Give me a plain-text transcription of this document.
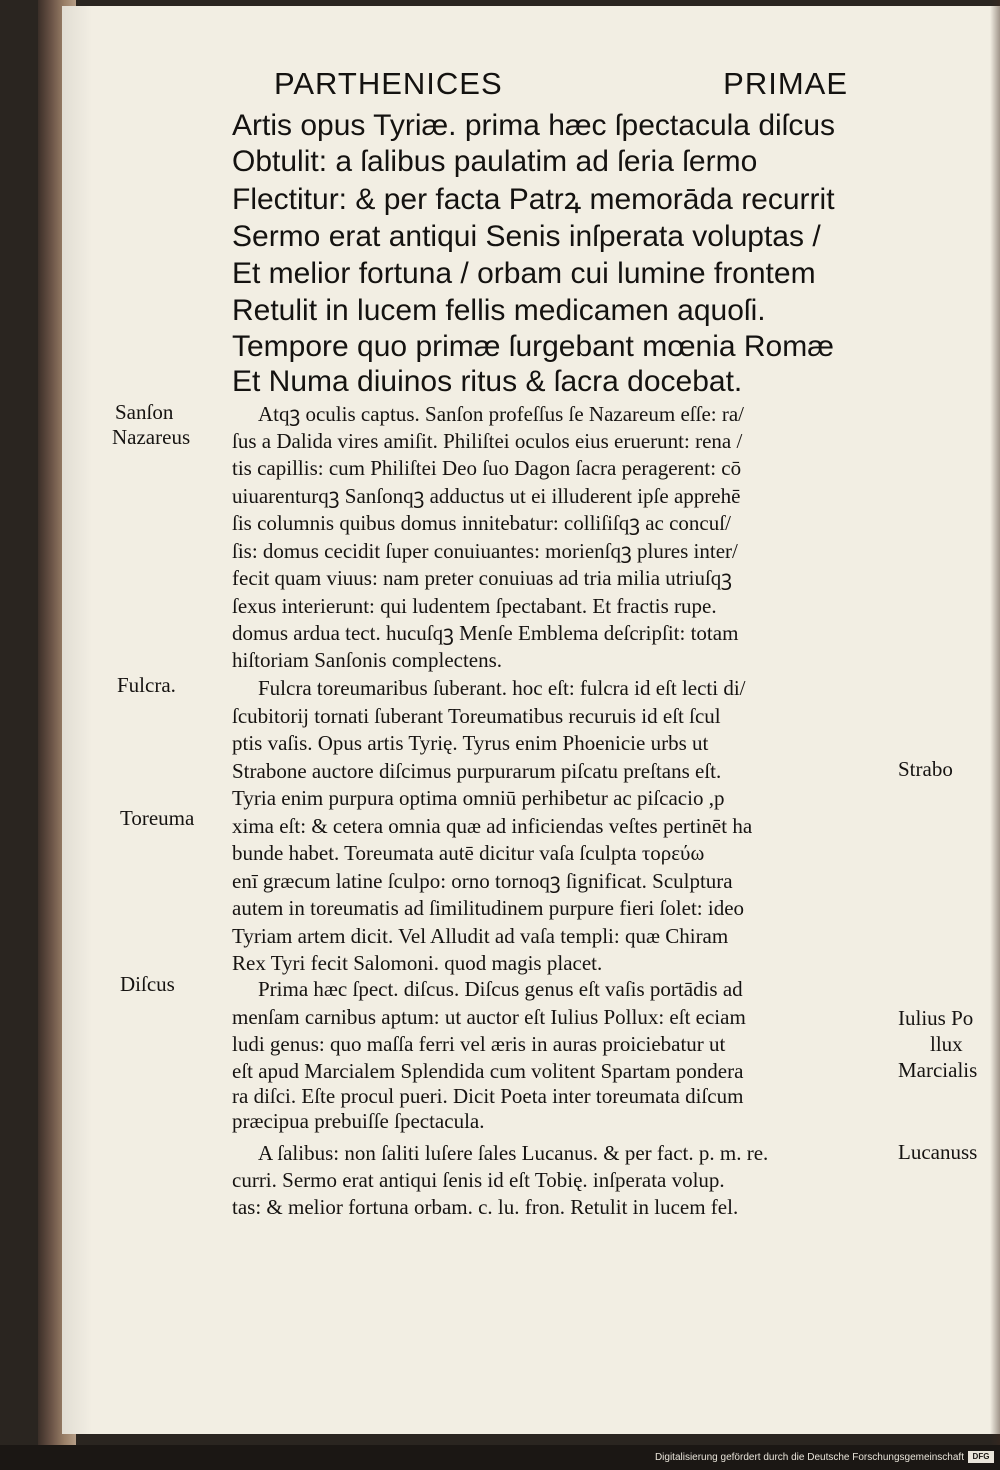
PARTHENICES	PRIMAE
Artis opus Tyriæ. prima hæc ſpectacula diſcus
Obtulit: a ſalibus paulatim ad ſeria ſermo
Flectitur: & per facta Patrꝝ memorāda recurrit
Sermo erat antiqui Senis inſperata voluptas /
Et melior fortuna / orbam cui lumine frontem
Retulit in lucem fellis medicamen aquoſi.
Tempore quo primæ ſurgebant mœnia Romæ
Et Numa diuinos ritus & ſacra docebat.
Atqꝫ oculis captus. Sanſon profeſſus ſe Nazareum eſſe: ra/
ſus a Dalida vires amiſit. Philiſtei oculos eius eruerunt: rena /
tis capillis: cum Philiſtei Deo ſuo Dagon ſacra peragerent: cō
uiuarenturqꝫ Sanſonqꝫ adductus ut ei illuderent ipſe apprehē
ſis columnis quibus domus innitebatur: colliſiſqꝫ ac concuſ/
ſis: domus cecidit ſuper conuiuantes: morienſqꝫ plures inter/
fecit quam viuus: nam preter conuiuas ad tria milia utriuſqꝫ
ſexus interierunt: qui ludentem ſpectabant. Et fractis rupe.
domus ardua tect. hucuſqꝫ Menſe Emblema deſcripſit: totam
hiſtoriam Sanſonis complectens.
Fulcra toreumaribus ſuberant. hoc eſt: fulcra id eſt lecti di/
ſcubitorij tornati ſuberant Toreumatibus recuruis id eſt ſcul
ptis vaſis. Opus artis Tyrię. Tyrus enim Phoenicie urbs ut
Strabone auctore diſcimus purpurarum piſcatu preſtans eſt.
Tyria enim purpura optima omniū perhibetur ac piſcacio ,p
xima eſt: & cetera omnia quæ ad inficiendas veſtes pertinēt ha
bunde habet. Toreumata autē dicitur vaſa ſculpta τορεύω
enī græcum latine ſculpo: orno tornoqꝫ ſignificat. Sculptura
autem in toreumatis ad ſimilitudinem purpure fieri ſolet: ideo
Tyriam artem dicit. Vel Alludit ad vaſa templi: quæ Chiram
Rex Tyri fecit Salomoni. quod magis placet.
Prima hæc ſpect. diſcus. Diſcus genus eſt vaſis portādis ad
menſam carnibus aptum: ut auctor eſt Iulius Pollux: eſt eciam
ludi genus: quo maſſa ferri vel æris in auras proiciebatur ut
eſt apud Marcialem Splendida cum volitent Spartam pondera
ra diſci. Eſte procul pueri. Dicit Poeta inter toreumata diſcum
præcipua prebuiſſe ſpectacula.
A ſalibus: non ſaliti luſere ſales Lucanus. & per fact. p. m. re.
curri. Sermo erat antiqui ſenis id eſt Tobię. inſperata volup.
tas: & melior fortuna orbam. c. lu. fron. Retulit in lucem fel.
Sanſon
Nazareus
Fulcra.
Toreuma
Diſcus
Strabo
Iulius Po
llux
Marcialis
Lucanuss
Digitalisierung gefördert durch die Deutsche Forschungsgemeinschaft	DFG
